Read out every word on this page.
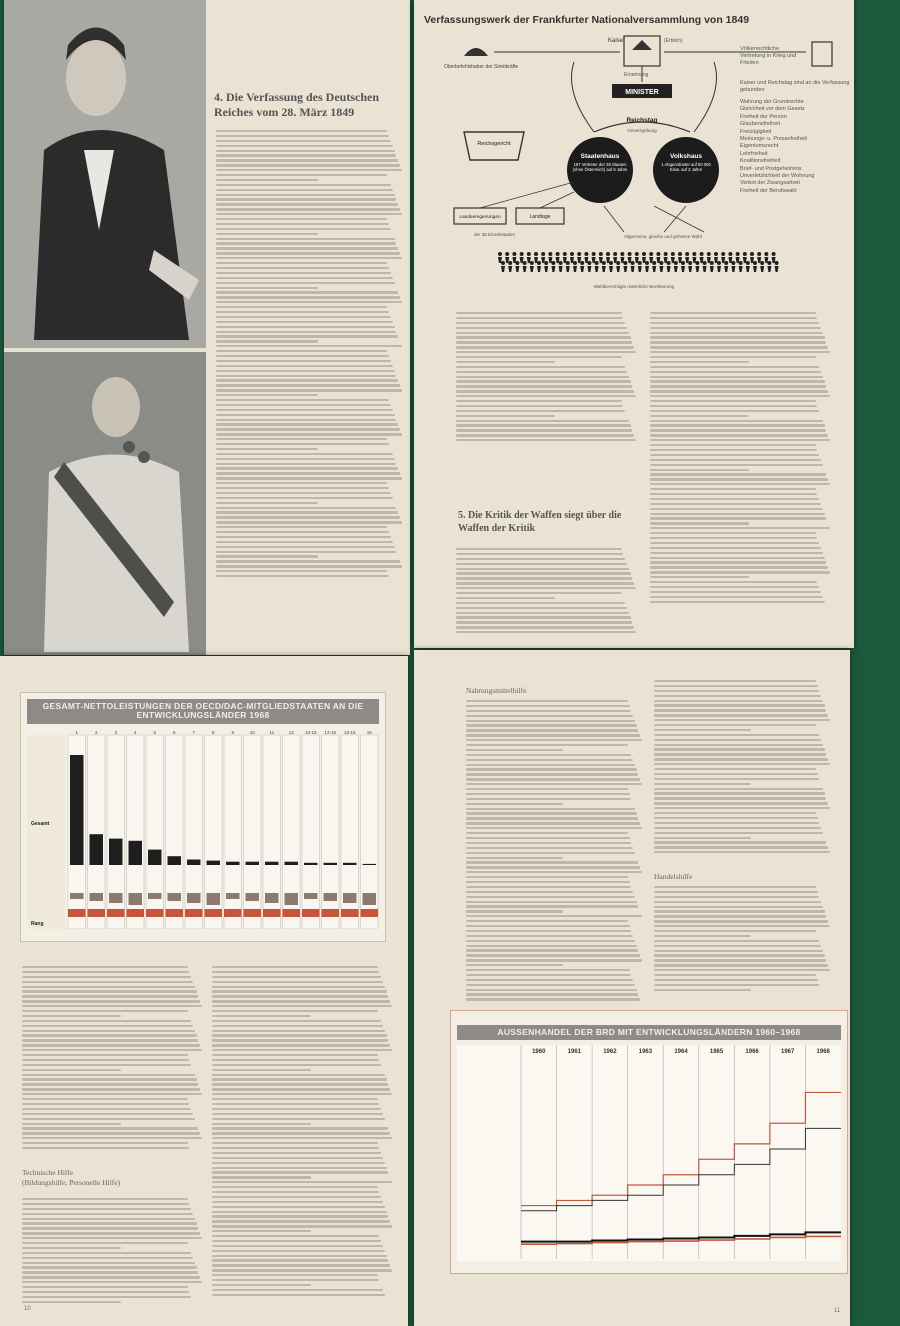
4. Die Verfassung des Deutschen Reiches vom 28. März 1849
Verfassungswerk der Frankfurter Nationalversammlung von 1849
Kaiser	(Erblich)
Oberbefehlshaber der Streitkräfte
MINISTER
Ernennung
Reichstag
Gesetzgebung
Reichsgericht
Staatenhaus	Volkshaus
167 Vertreter der 38 Staaten (ohne Österreich) auf 6 Jahre
1 Abgeordneter auf 50 000 Einw. auf 3 Jahre
Landesregierungen	Landtage
der 38 Einzelstaaten	Allgemeine, gleiche und geheime Wahl
Wahlberechtigte männliche Bevölkerung
Völkerrechtliche Vertretung in Krieg und Frieden
Kaiser und Reichstag sind an die Verfassung gebunden
Wahrung der Grundrechte
Gleichheit vor dem Gesetz
Freiheit der Person
Glaubensfreiheit
Freizügigkeit
Meinungs- u. Pressefreiheit
Eigentumsrecht
Lehrfreiheit
Koalitionsfreiheit
Brief- und Postgeheimnis
Unverletzlichkeit der Wohnung
Verbot der Zwangsarbeit
Freiheit der Berufswahl
5. Die Kritik der Waffen siegt über die Waffen der Kritik
GESAMT-NETTOLEISTUNGEN DER OECD/DAC-MITGLIEDSTAATEN AN DIE ENTWICKLUNGSLÄNDER 1968
1	2	3	4	5	6	7	8	9	10	11	12 13-15 13-15 13-15 16
Gesamt
Rang
Technische Hilfe
(Bildungshilfe, Personelle Hilfe)
10
Nahrungsmittelhilfe
Handelshilfe
AUSSENHANDEL DER BRD MIT ENTWICKLUNGSLÄNDERN 1960–1968
1960	1961	1962	1963	1964	1965	1966	1967	1968
11
